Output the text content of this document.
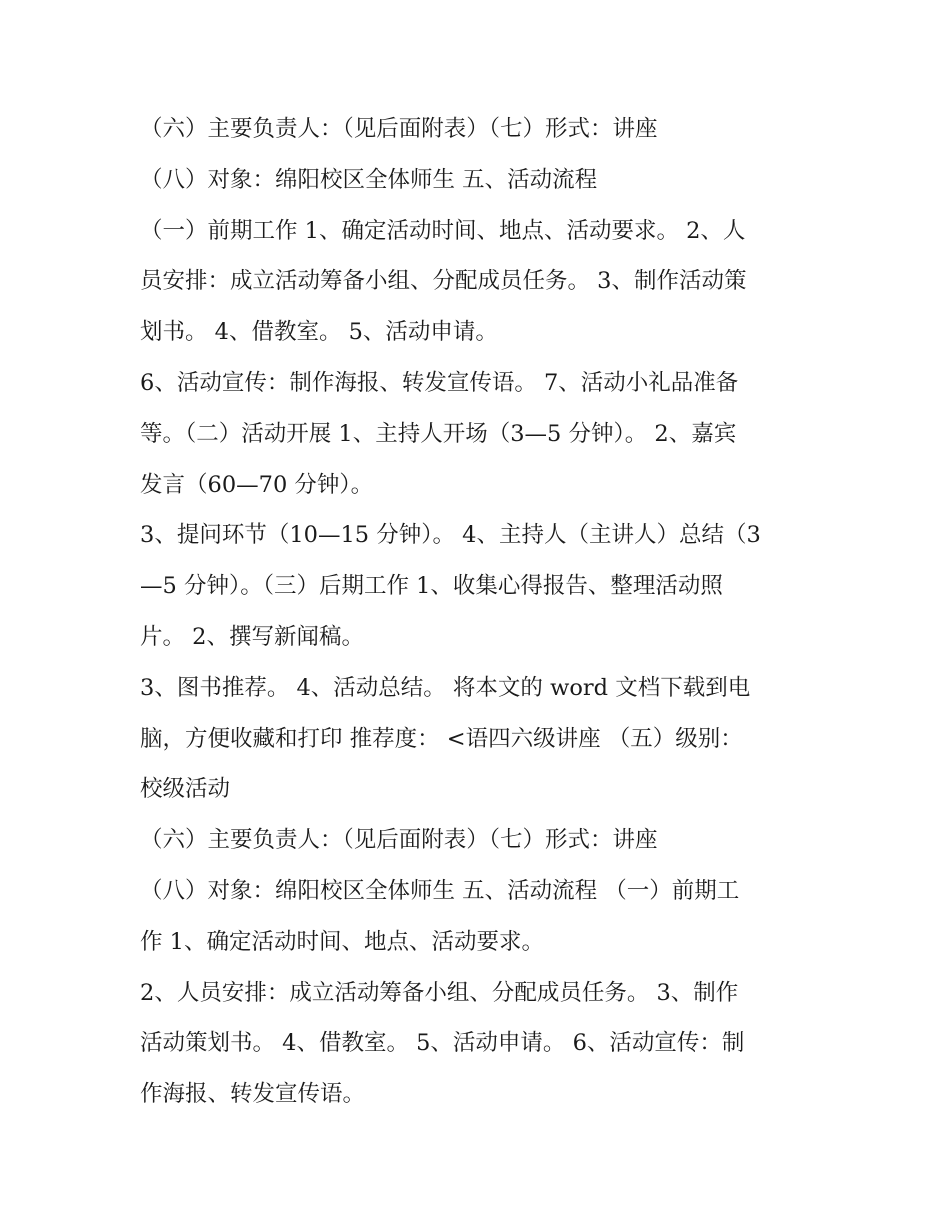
（六）主要负责人：（见后面附表）（七）形式：讲座
（八）对象：绵阳校区全体师生 五、活动流程
（一）前期工作 1、确定活动时间、地点、活动要求。 2、人
员安排：成立活动筹备小组、分配成员任务。 3、制作活动策
划书。 4、借教室。 5、活动申请。
6、活动宣传：制作海报、转发宣传语。 7、活动小礼品准备
等。（二）活动开展 1、主持人开场（3—5 分钟）。 2、嘉宾
发言（60—70 分钟）。
3、提问环节（10—15 分钟）。 4、主持人（主讲人）总结（3
—5 分钟）。（三）后期工作 1、收集心得报告、整理活动照
片。 2、撰写新闻稿。
3、图书推荐。 4、活动总结。 将本文的 word 文档下载到电
脑，方便收藏和打印 推荐度： <语四六级讲座 （五）级别：
校级活动
（六）主要负责人：（见后面附表）（七）形式：讲座
（八）对象：绵阳校区全体师生 五、活动流程 （一）前期工
作 1、确定活动时间、地点、活动要求。
2、人员安排：成立活动筹备小组、分配成员任务。 3、制作
活动策划书。 4、借教室。 5、活动申请。 6、活动宣传：制
作海报、转发宣传语。
